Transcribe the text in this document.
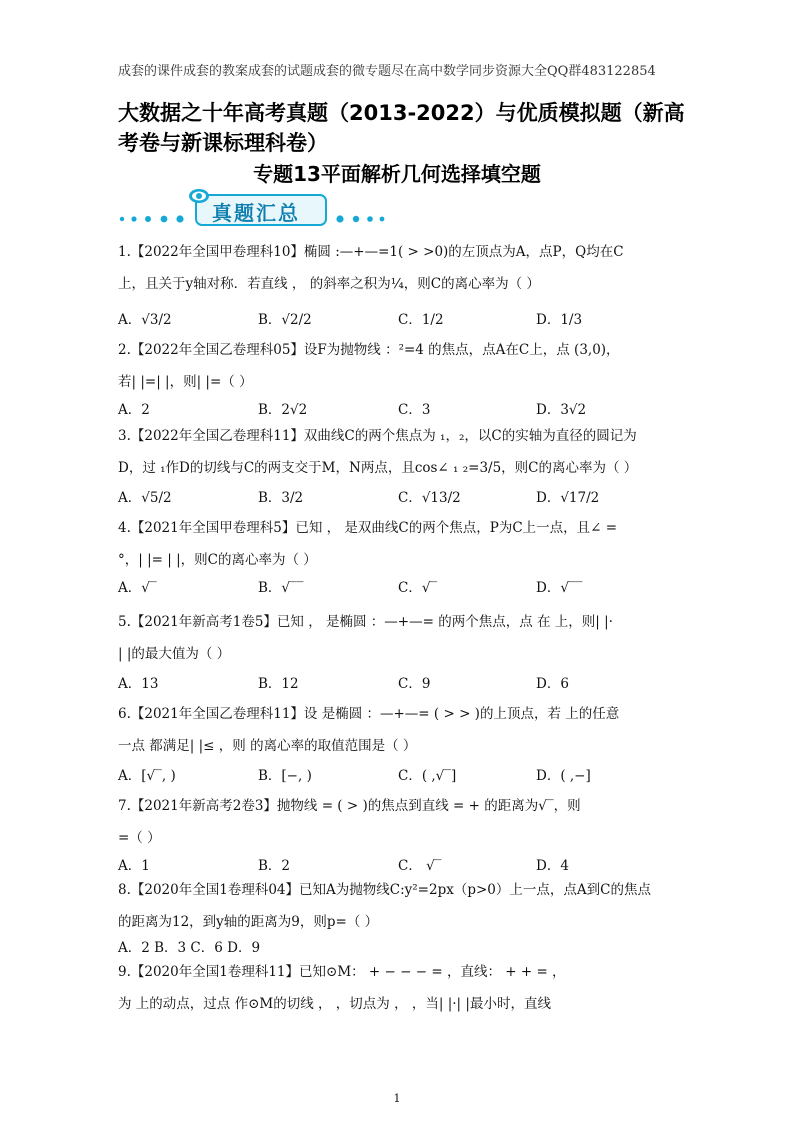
成套的课件成套的教案成套的试题成套的微专题尽在高中数学同步资源大全QQ群483122854
大数据之十年高考真题（2013-2022）与优质模拟题（新高考卷与新课标理科卷）
专题13平面解析几何选择填空题
真题汇总
1.【2022年全国甲卷理科10】椭圆 :—+—=1( > >0)的左顶点为A，点P，Q均在C
上，且关于y轴对称．若直线 ， 的斜率之积为¼，则C的离心率为（ ）
A．√3/2	B．√2/2	C．1/2	D．1/3
2.【2022年全国乙卷理科05】设F为抛物线 ：²=4 的焦点，点A在C上，点 (3,0)，
若| |=| |，则| |=（ ）
A．2	B．2√2	C．3	D．3√2
3.【2022年全国乙卷理科11】双曲线C的两个焦点为 ₁，₂，以C的实轴为直径的圆记为
D，过 ₁作D的切线与C的两支交于M，N两点，且cos∠ ₁ ₂=3/5，则C的离心率为（ ）
A．√5/2	B．3/2	C．√13/2	D．√17/2
4.【2021年全国甲卷理科5】已知 ， 是双曲线C的两个焦点，P为C上一点，且∠ =
°，| |= | |，则C的离心率为（ ）
A．√‾	B．√‾‾	C．√‾	D．√‾‾
5.【2021年新高考1卷5】已知 ， 是椭圆 ：—+—= 的两个焦点，点 在 上，则| |·
| |的最大值为（ ）
A．13	B．12	C．9	D．6
6.【2021年全国乙卷理科11】设 是椭圆 ：—+—= ( > > )的上顶点，若 上的任意
一点 都满足| |≤ ，则 的离心率的取值范围是（ ）
A．[√‾, )	B．[−, )	C．( ,√‾]	D．( ,−]
7.【2021年新高考2卷3】抛物线 = ( > )的焦点到直线 = + 的距离为√‾，则
=（ ）
A．1	B．2	C． √‾	D．4
8.【2020年全国1卷理科04】已知A为抛物线C:y²=2px（p>0）上一点，点A到C的焦点
的距离为12，到y轴的距离为9，则p=（ ）
A．2 B．3 C．6 D．9
9.【2020年全国1卷理科11】已知⊙M： + − − − = ，直线： + + = ，
为 上的动点，过点 作⊙M的切线 ， ，切点为 ， ，当| |·| |最小时，直线
1
